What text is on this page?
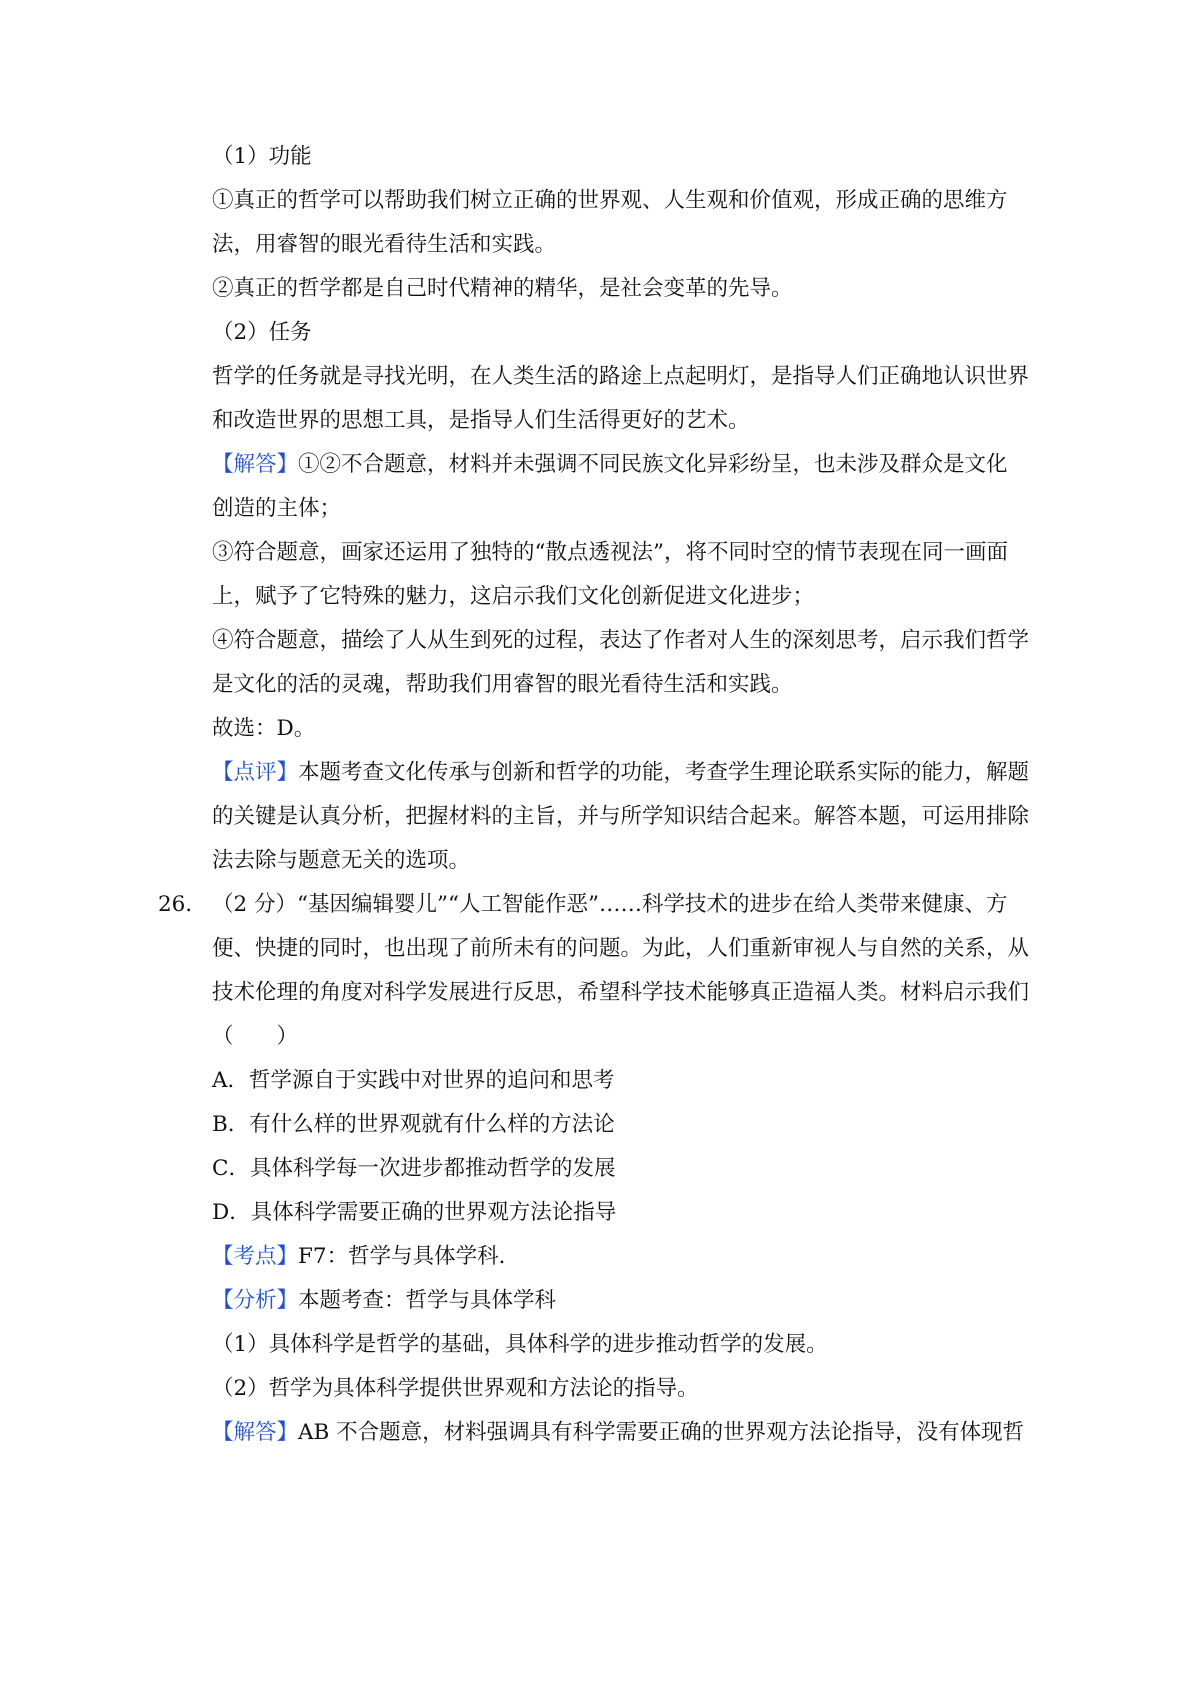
（1）功能
①真正的哲学可以帮助我们树立正确的世界观、人生观和价值观，形成正确的思维方
法，用睿智的眼光看待生活和实践。
②真正的哲学都是自己时代精神的精华，是社会变革的先导。
（2）任务
哲学的任务就是寻找光明，在人类生活的路途上点起明灯，是指导人们正确地认识世界
和改造世界的思想工具，是指导人们生活得更好的艺术。
【解答】①②不合题意，材料并未强调不同民族文化异彩纷呈，也未涉及群众是文化
创造的主体；
③符合题意，画家还运用了独特的“散点透视法”，将不同时空的情节表现在同一画面
上，赋予了它特殊的魅力，这启示我们文化创新促进文化进步；
④符合题意，描绘了人从生到死的过程，表达了作者对人生的深刻思考，启示我们哲学
是文化的活的灵魂，帮助我们用睿智的眼光看待生活和实践。
故选：D。
【点评】本题考查文化传承与创新和哲学的功能，考查学生理论联系实际的能力，解题
的关键是认真分析，把握材料的主旨，并与所学知识结合起来。解答本题，可运用排除
法去除与题意无关的选项。
26． （2 分）“基因编辑婴儿”“人工智能作恶”……科学技术的进步在给人类带来健康、方
便、快捷的同时，也出现了前所未有的问题。为此，人们重新审视人与自然的关系，从
技术伦理的角度对科学发展进行反思，希望科学技术能够真正造福人类。材料启示我们
（　　）
A．哲学源自于实践中对世界的追问和思考
B．有什么样的世界观就有什么样的方法论
C．具体科学每一次进步都推动哲学的发展
D．具体科学需要正确的世界观方法论指导
【考点】F7：哲学与具体学科．
【分析】本题考查：哲学与具体学科
（1）具体科学是哲学的基础，具体科学的进步推动哲学的发展。
（2）哲学为具体科学提供世界观和方法论的指导。
【解答】AB 不合题意，材料强调具有科学需要正确的世界观方法论指导，没有体现哲
